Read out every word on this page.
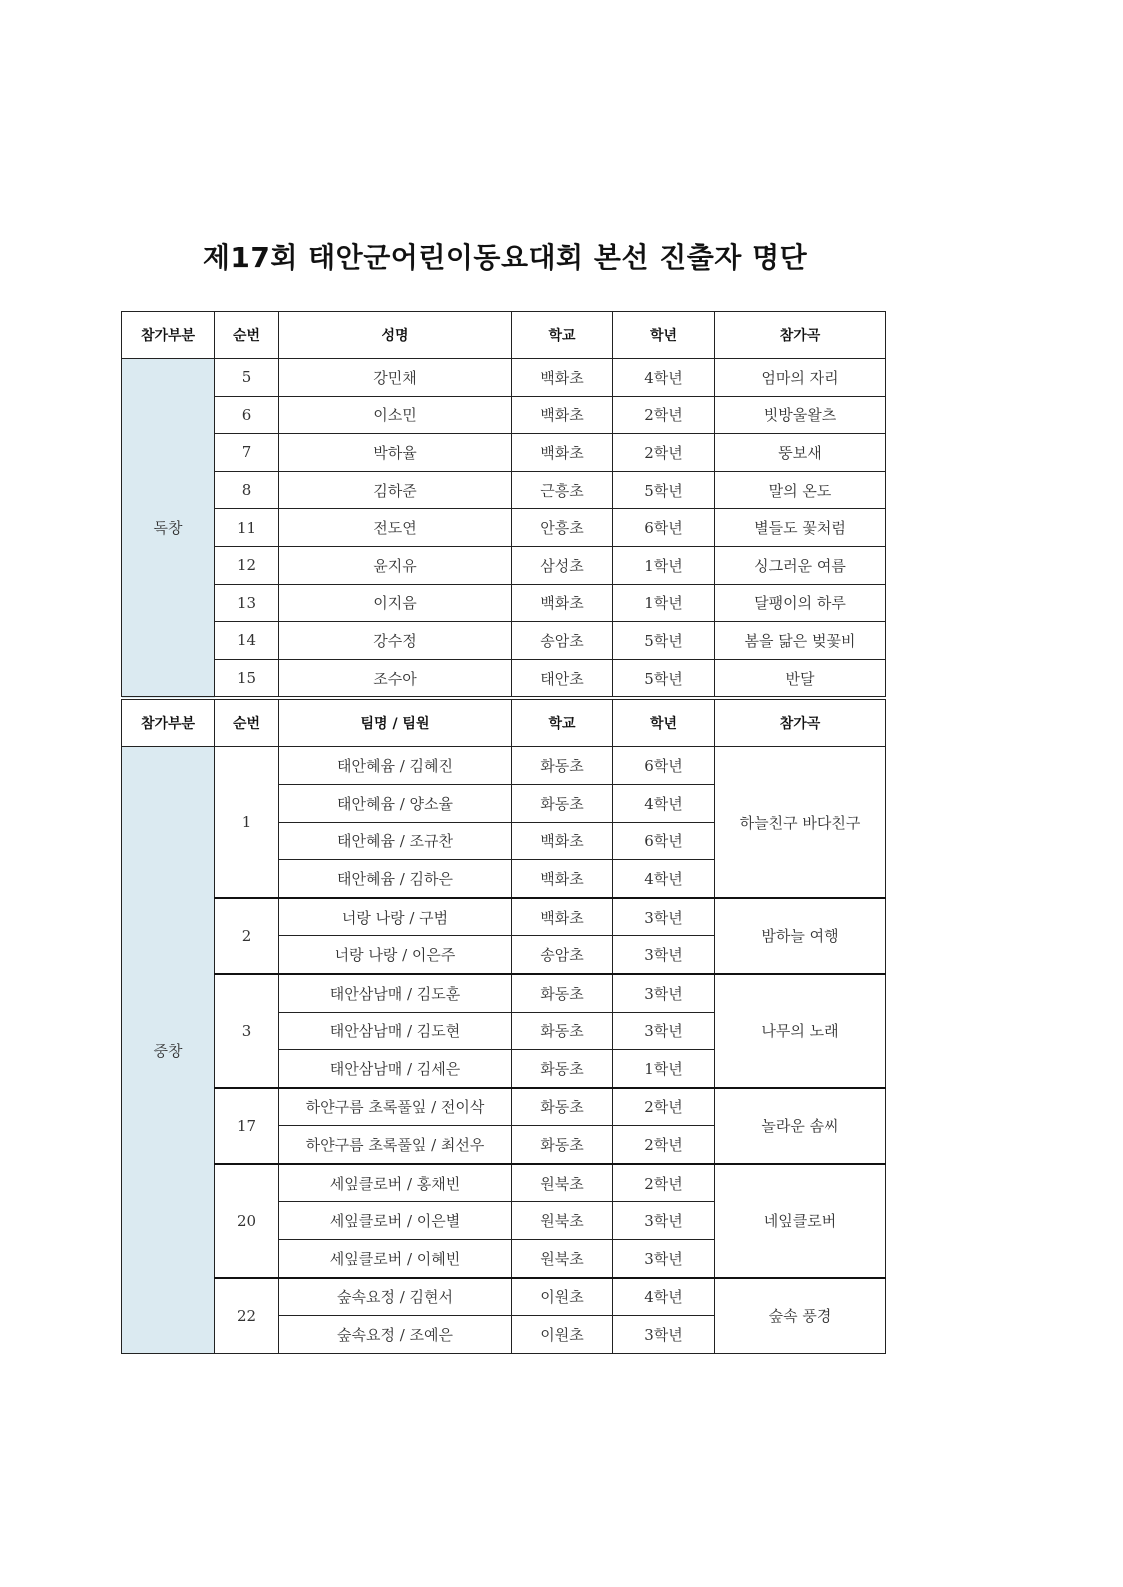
제17회 태안군어린이동요대회 본선 진출자 명단
참가부분	순번	성명	학교	학년	참가곡
독창	5	강민채	백화초	4학년	엄마의 자리
	6	이소민	백화초	2학년	빗방울왈츠
	7	박하율	백화초	2학년	뚱보새
	8	김하준	근흥초	5학년	말의 온도
	11	전도연	안흥초	6학년	별들도 꽃처럼
	12	윤지유	삼성초	1학년	싱그러운 여름
	13	이지음	백화초	1학년	달팽이의 하루
	14	강수정	송암초	5학년	봄을 닮은 벚꽃비
	15	조수아	태안초	5학년	반달
참가부분	순번	팀명 / 팀원	학교	학년	참가곡
중창	1	태안혜윰 / 김혜진	화동초	6학년	하늘친구 바다친구
		태안혜윰 / 양소율	화동초	4학년	
		태안혜윰 / 조규찬	백화초	6학년	
		태안혜윰 / 김하은	백화초	4학년	
	2	너랑 나랑 / 구범	백화초	3학년	밤하늘 여행
		너랑 나랑 / 이은주	송암초	3학년	
	3	태안삼남매 / 김도훈	화동초	3학년	나무의 노래
		태안삼남매 / 김도현	화동초	3학년	
		태안삼남매 / 김세은	화동초	1학년	
	17	하얀구름 초록풀잎 / 전이삭	화동초	2학년	놀라운 솜씨
		하얀구름 초록풀잎 / 최선우	화동초	2학년	
	20	세잎클로버 / 홍채빈	원북초	2학년	네잎클로버
		세잎클로버 / 이은별	원북초	3학년	
		세잎클로버 / 이혜빈	원북초	3학년	
	22	숲속요정 / 김현서	이원초	4학년	숲속 풍경
		숲속요정 / 조예은	이원초	3학년	
